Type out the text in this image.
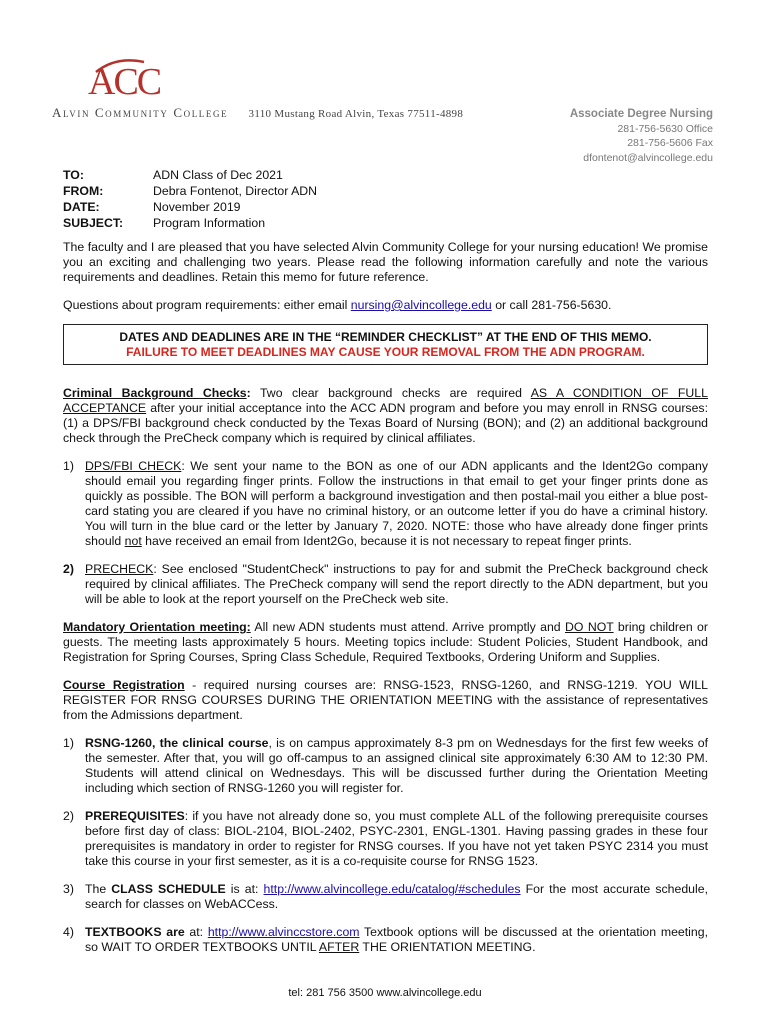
ACC
Alvin Community College 3110 Mustang Road Alvin, Texas 77511-4898	Associate Degree Nursing
281-756-5630 Office
281-756-5606 Fax
dfontenot@alvincollege.edu
TO:	ADN Class of Dec 2021
FROM:	Debra Fontenot, Director ADN
DATE:	November 2019
SUBJECT:	Program Information

The faculty and I are pleased that you have selected Alvin Community College for your nursing education! We promise you an exciting and challenging two years. Please read the following information carefully and note the various requirements and deadlines. Retain this memo for future reference.

Questions about program requirements: either email nursing@alvincollege.edu or call 281-756-5630.

DATES AND DEADLINES ARE IN THE “REMINDER CHECKLIST” AT THE END OF THIS MEMO.
FAILURE TO MEET DEADLINES MAY CAUSE YOUR REMOVAL FROM THE ADN PROGRAM.

Criminal Background Checks: Two clear background checks are required AS A CONDITION OF FULL ACCEPTANCE after your initial acceptance into the ACC ADN program and before you may enroll in RNSG courses: (1) a DPS/FBI background check conducted by the Texas Board of Nursing (BON); and (2) an additional background check through the PreCheck company which is required by clinical affiliates.

1) DPS/FBI CHECK: We sent your name to the BON as one of our ADN applicants and the Ident2Go company should email you regarding finger prints. Follow the instructions in that email to get your finger prints done as quickly as possible. The BON will perform a background investigation and then postal-mail you either a blue post-card stating you are cleared if you have no criminal history, or an outcome letter if you do have a criminal history. You will turn in the blue card or the letter by January 7, 2020. NOTE: those who have already done finger prints should not have received an email from Ident2Go, because it is not necessary to repeat finger prints.
2) PRECHECK: See enclosed "StudentCheck" instructions to pay for and submit the PreCheck background check required by clinical affiliates. The PreCheck company will send the report directly to the ADN department, but you will be able to look at the report yourself on the PreCheck web site.

Mandatory Orientation meeting: All new ADN students must attend. Arrive promptly and DO NOT bring children or guests. The meeting lasts approximately 5 hours. Meeting topics include: Student Policies, Student Handbook, and Registration for Spring Courses, Spring Class Schedule, Required Textbooks, Ordering Uniform and Supplies.

Course Registration - required nursing courses are: RNSG-1523, RNSG-1260, and RNSG-1219. YOU WILL REGISTER FOR RNSG COURSES DURING THE ORIENTATION MEETING with the assistance of representatives from the Admissions department.

1) RSNG-1260, the clinical course, is on campus approximately 8-3 pm on Wednesdays for the first few weeks of the semester. After that, you will go off-campus to an assigned clinical site approximately 6:30 AM to 12:30 PM. Students will attend clinical on Wednesdays. This will be discussed further during the Orientation Meeting including which section of RNSG-1260 you will register for.
2) PREREQUISITES: if you have not already done so, you must complete ALL of the following prerequisite courses before first day of class: BIOL-2104, BIOL-2402, PSYC-2301, ENGL-1301. Having passing grades in these four prerequisites is mandatory in order to register for RNSG courses. If you have not yet taken PSYC 2314 you must take this course in your first semester, as it is a co-requisite course for RNSG 1523.
3) The CLASS SCHEDULE is at: http://www.alvincollege.edu/catalog/#schedules For the most accurate schedule, search for classes on WebACCess.
4) TEXTBOOKS are at: http://www.alvinccstore.com Textbook options will be discussed at the orientation meeting, so WAIT TO ORDER TEXTBOOKS UNTIL AFTER THE ORIENTATION MEETING.
tel: 281 756 3500 www.alvincollege.edu
